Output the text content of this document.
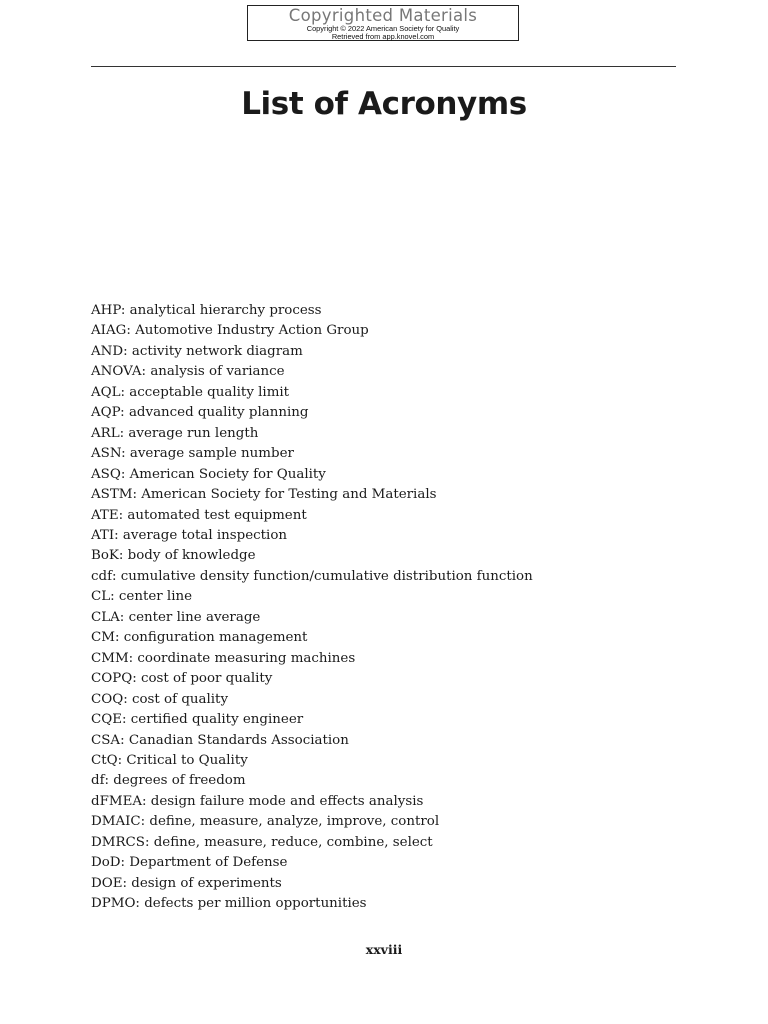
Copyrighted Materials
Copyright © 2022 American Society for Quality
Retrieved from app.knovel.com
List of Acronyms
AHP: analytical hierarchy process
AIAG: Automotive Industry Action Group
AND: activity network diagram
ANOVA: analysis of variance
AQL: acceptable quality limit
AQP: advanced quality planning
ARL: average run length
ASN: average sample number
ASQ: American Society for Quality
ASTM: American Society for Testing and Materials
ATE: automated test equipment
ATI: average total inspection
BoK: body of knowledge
cdf: cumulative density function/cumulative distribution function
CL: center line
CLA: center line average
CM: configuration management
CMM: coordinate measuring machines
COPQ: cost of poor quality
COQ: cost of quality
CQE: certified quality engineer
CSA: Canadian Standards Association
CtQ: Critical to Quality
df: degrees of freedom
dFMEA: design failure mode and effects analysis
DMAIC: define, measure, analyze, improve, control
DMRCS: define, measure, reduce, combine, select
DoD: Department of Defense
DOE: design of experiments
DPMO: defects per million opportunities
xxviii
